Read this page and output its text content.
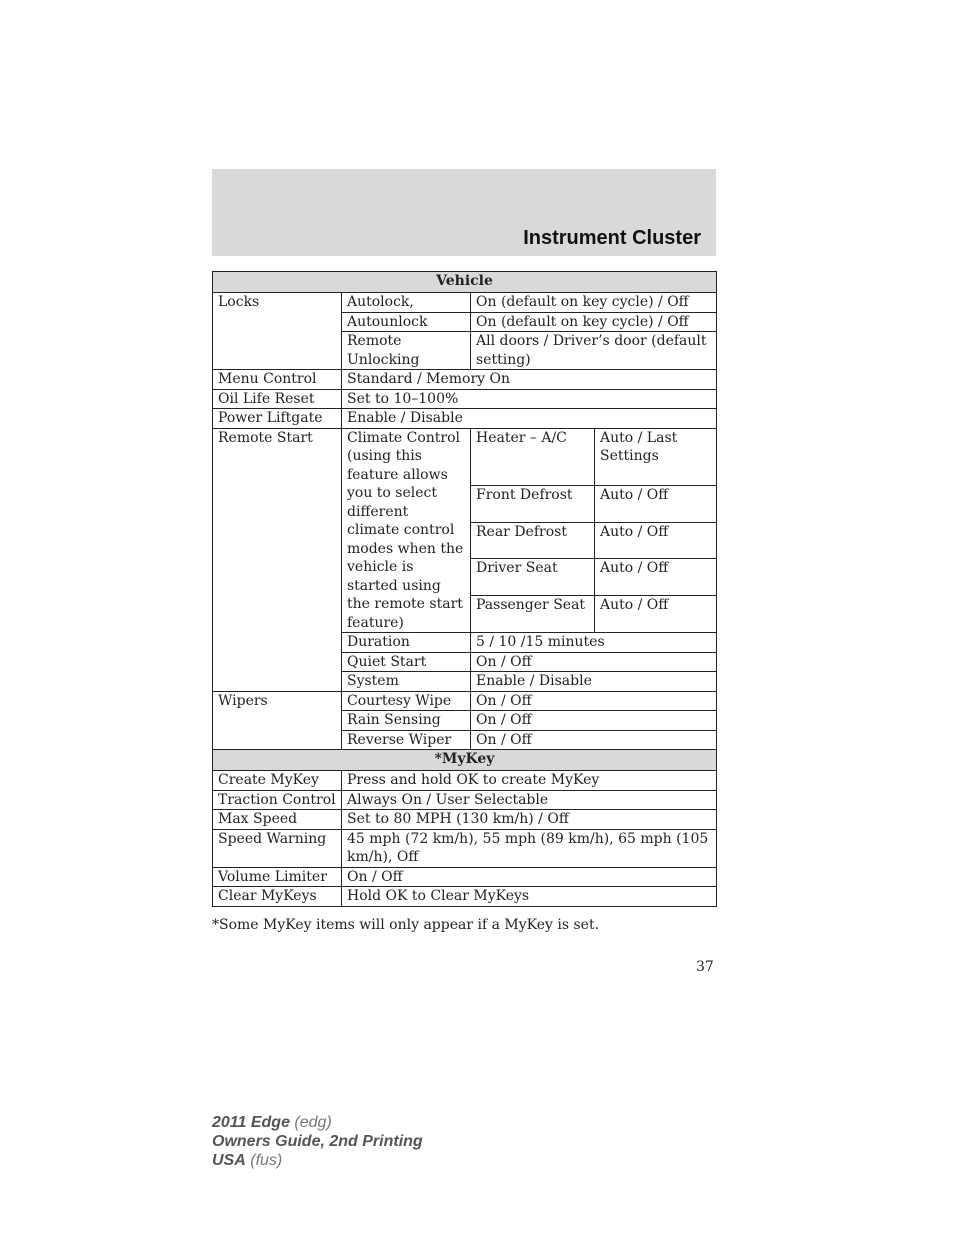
Instrument Cluster
Vehicle			
Locks	Autolock,	On (default on key cycle) / Off	
	Autounlock	On (default on key cycle) / Off	
	Remote Unlocking	All doors / Driver’s door (default setting)	
Menu Control	Standard / Memory On		
Oil Life Reset	Set to 10–100%		
Power Liftgate	Enable / Disable		
Remote Start	Climate Control (using this feature allows you to select different climate control modes when the vehicle is started using the remote start feature)	Heater – A/C	Auto / Last Settings
		Front Defrost	Auto / Off
		Rear Defrost	Auto / Off
		Driver Seat	Auto / Off
		Passenger Seat	Auto / Off
	Duration	5 / 10 /15 minutes	
	Quiet Start	On / Off	
	System	Enable / Disable	
Wipers	Courtesy Wipe	On / Off	
	Rain Sensing	On / Off	
	Reverse Wiper	On / Off	
*MyKey	
Create MyKey	Press and hold OK to create MyKey
Traction Control	Always On / User Selectable
Max Speed	Set to 80 MPH (130 km/h) / Off
Speed Warning	45 mph (72 km/h), 55 mph (89 km/h), 65 mph (105 km/h), Off
Volume Limiter	On / Off
Clear MyKeys	Hold OK to Clear MyKeys
*Some MyKey items will only appear if a MyKey is set.
37
2011 Edge (edg)
Owners Guide, 2nd Printing
USA (fus)
